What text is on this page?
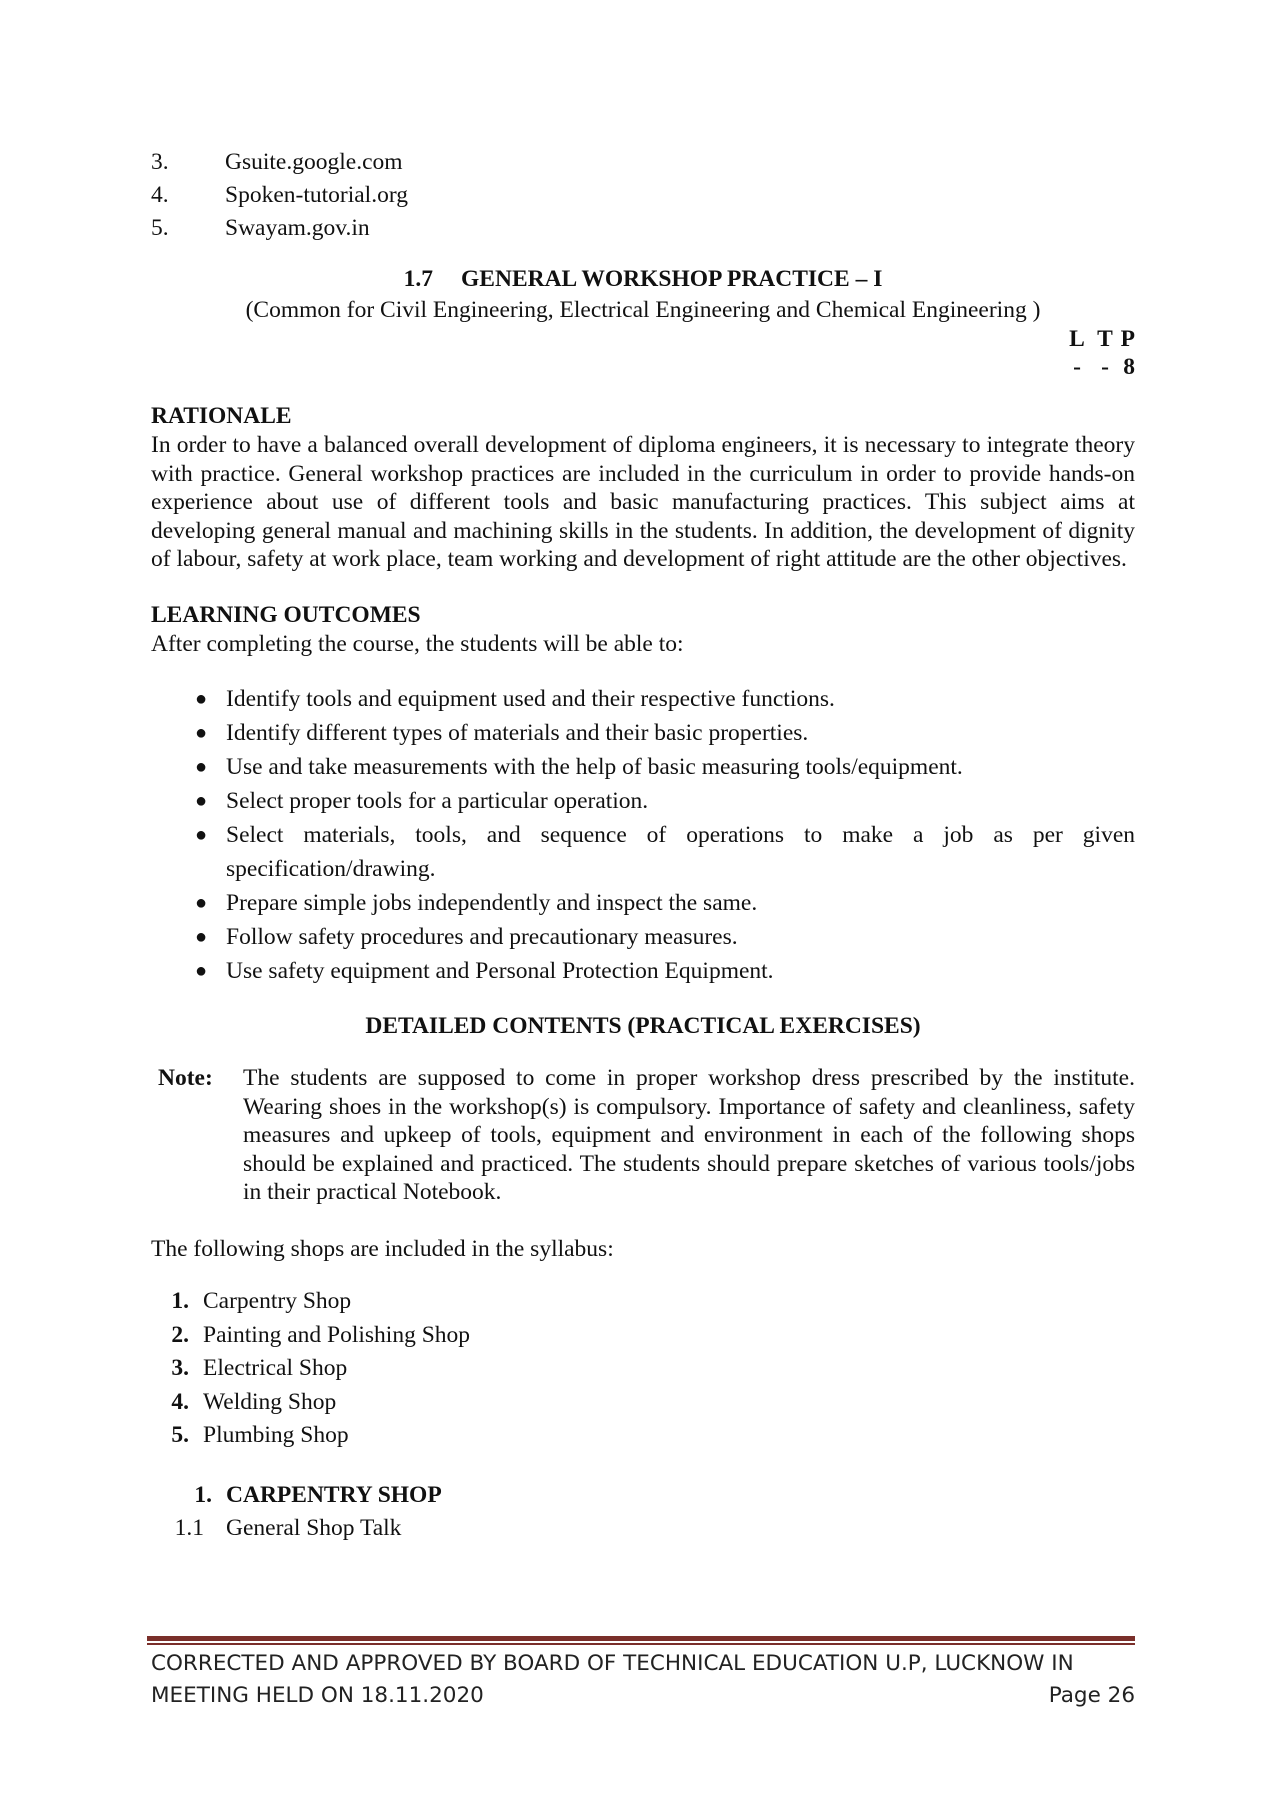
3.	Gsuite.google.com
4.	Spoken-tutorial.org
5.	Swayam.gov.in
1.7 GENERAL WORKSHOP PRACTICE – I
(Common for Civil Engineering, Electrical Engineering and Chemical Engineering )
L T P
- - 8
RATIONALE
In order to have a balanced overall development of diploma engineers, it is necessary to integrate theory with practice. General workshop practices are included in the curriculum in order to provide hands-on experience about use of different tools and basic manufacturing practices. This subject aims at developing general manual and machining skills in the students. In addition, the development of dignity of labour, safety at work place, team working and development of right attitude are the other objectives.
LEARNING OUTCOMES
After completing the course, the students will be able to:
● Identify tools and equipment used and their respective functions.
● Identify different types of materials and their basic properties.
● Use and take measurements with the help of basic measuring tools/equipment.
● Select proper tools for a particular operation.
● Select materials, tools, and sequence of operations to make a job as per given specification/drawing.
● Prepare simple jobs independently and inspect the same.
● Follow safety procedures and precautionary measures.
● Use safety equipment and Personal Protection Equipment.
DETAILED CONTENTS (PRACTICAL EXERCISES)
Note:	The students are supposed to come in proper workshop dress prescribed by the institute. Wearing shoes in the workshop(s) is compulsory. Importance of safety and cleanliness, safety measures and upkeep of tools, equipment and environment in each of the following shops should be explained and practiced. The students should prepare sketches of various tools/jobs in their practical Notebook.
The following shops are included in the syllabus:
1. Carpentry Shop
2. Painting and Polishing Shop
3. Electrical Shop
4. Welding Shop
5. Plumbing Shop
1. CARPENTRY SHOP
1.1 General Shop Talk
CORRECTED AND APPROVED BY BOARD OF TECHNICAL EDUCATION U.P, LUCKNOW IN
MEETING HELD ON 18.11.2020	Page 26
